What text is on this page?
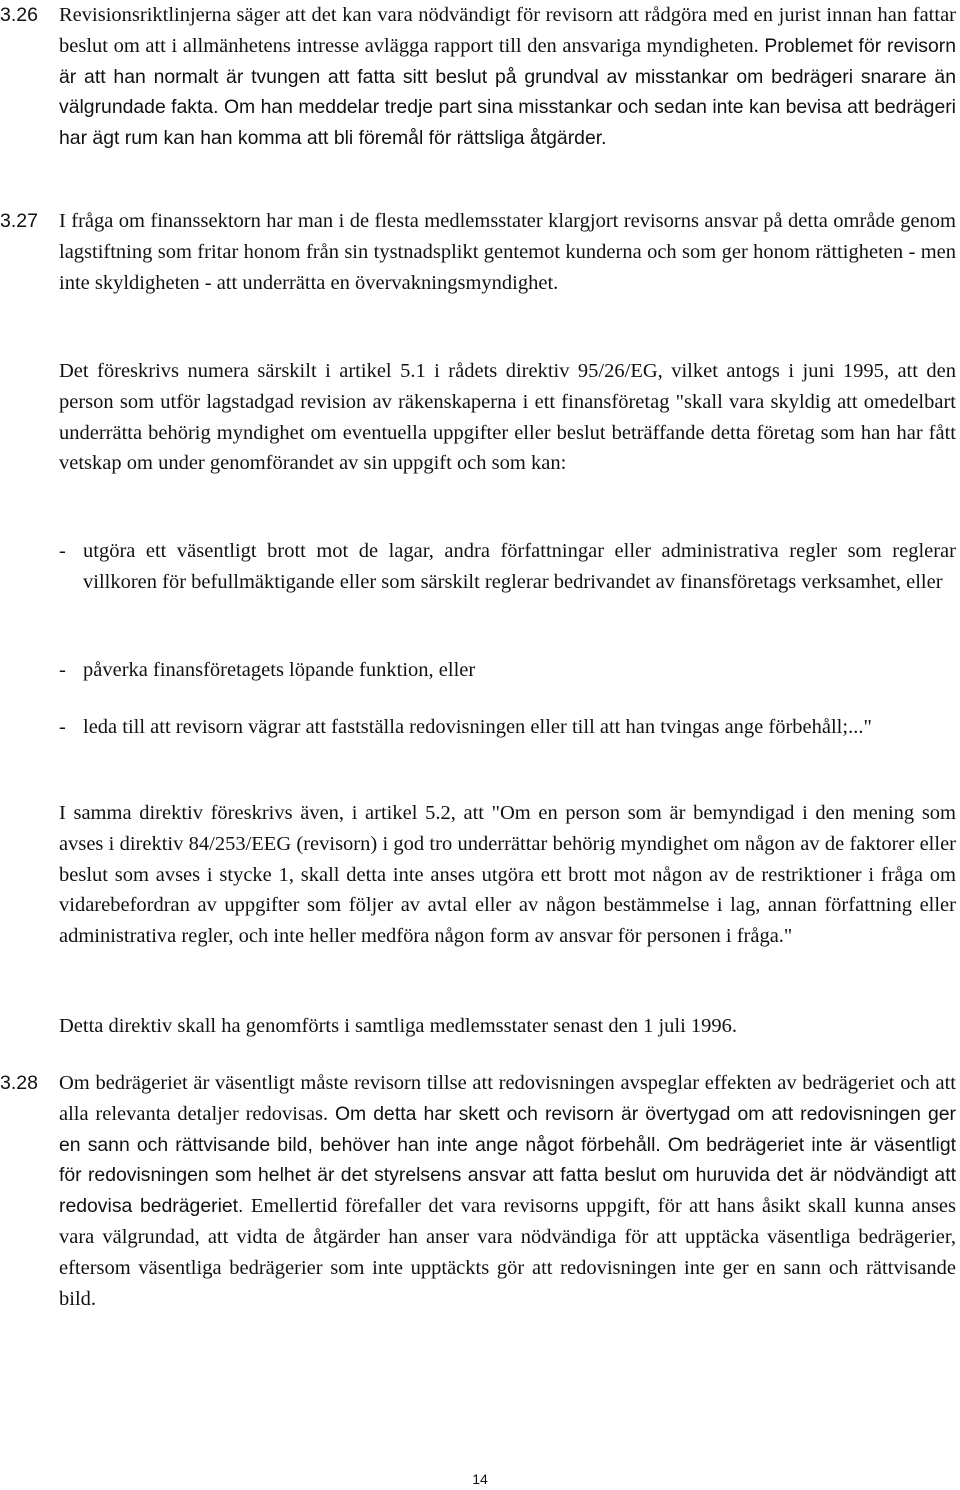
3.26	Revisionsriktlinjerna säger att det kan vara nödvändigt för revisorn att rådgöra med en jurist innan han fattar beslut om att i allmänhetens intresse avlägga rapport till den ansvariga myndigheten. Problemet för revisorn är att han normalt är tvungen att fatta sitt beslut på grundval av misstankar om bedrägeri snarare än välgrundade fakta. Om han meddelar tredje part sina misstankar och sedan inte kan bevisa att bedrägeri har ägt rum kan han komma att bli föremål för rättsliga åtgärder.

3.27	I fråga om finanssektorn har man i de flesta medlemsstater klargjort revisorns ansvar på detta område genom lagstiftning som fritar honom från sin tystnadsplikt gentemot kunderna och som ger honom rättigheten - men inte skyldigheten - att underrätta en övervakningsmyndighet.

Det föreskrivs numera särskilt i artikel 5.1 i rådets direktiv 95/26/EG, vilket antogs i juni 1995, att den person som utför lagstadgad revision av räkenskaperna i ett finansföretag "skall vara skyldig att omedelbart underrätta behörig myndighet om eventuella uppgifter eller beslut beträffande detta företag som han har fått vetskap om under genomförandet av sin uppgift och som kan:

- utgöra ett väsentligt brott mot de lagar, andra författningar eller administrativa regler som reglerar villkoren för befullmäktigande eller som särskilt reglerar bedrivandet av finansföretags verksamhet, eller
- påverka finansföretagets löpande funktion, eller
- leda till att revisorn vägrar att fastställa redovisningen eller till att han tvingas ange förbehåll;..."

I samma direktiv föreskrivs även, i artikel 5.2, att "Om en person som är bemyndigad i den mening som avses i direktiv 84/253/EEG (revisorn) i god tro underrättar behörig myndighet om någon av de faktorer eller beslut som avses i stycke 1, skall detta inte anses utgöra ett brott mot någon av de restriktioner i fråga om vidarebefordran av uppgifter som följer av avtal eller av någon bestämmelse i lag, annan författning eller administrativa regler, och inte heller medföra någon form av ansvar för personen i fråga."

Detta direktiv skall ha genomförts i samtliga medlemsstater senast den 1 juli 1996.

3.28	Om bedrägeriet är väsentligt måste revisorn tillse att redovisningen avspeglar effekten av bedrägeriet och att alla relevanta detaljer redovisas. Om detta har skett och revisorn är övertygad om att redovisningen ger en sann och rättvisande bild, behöver han inte ange något förbehåll. Om bedrägeriet inte är väsentligt för redovisningen som helhet är det styrelsens ansvar att fatta beslut om huruvida det är nödvändigt att redovisa bedrägeriet. Emellertid förefaller det vara revisorns uppgift, för att hans åsikt skall kunna anses vara välgrundad, att vidta de åtgärder han anser vara nödvändiga för att upptäcka väsentliga bedrägerier, eftersom väsentliga bedrägerier som inte upptäckts gör att redovisningen inte ger en sann och rättvisande bild.

14
